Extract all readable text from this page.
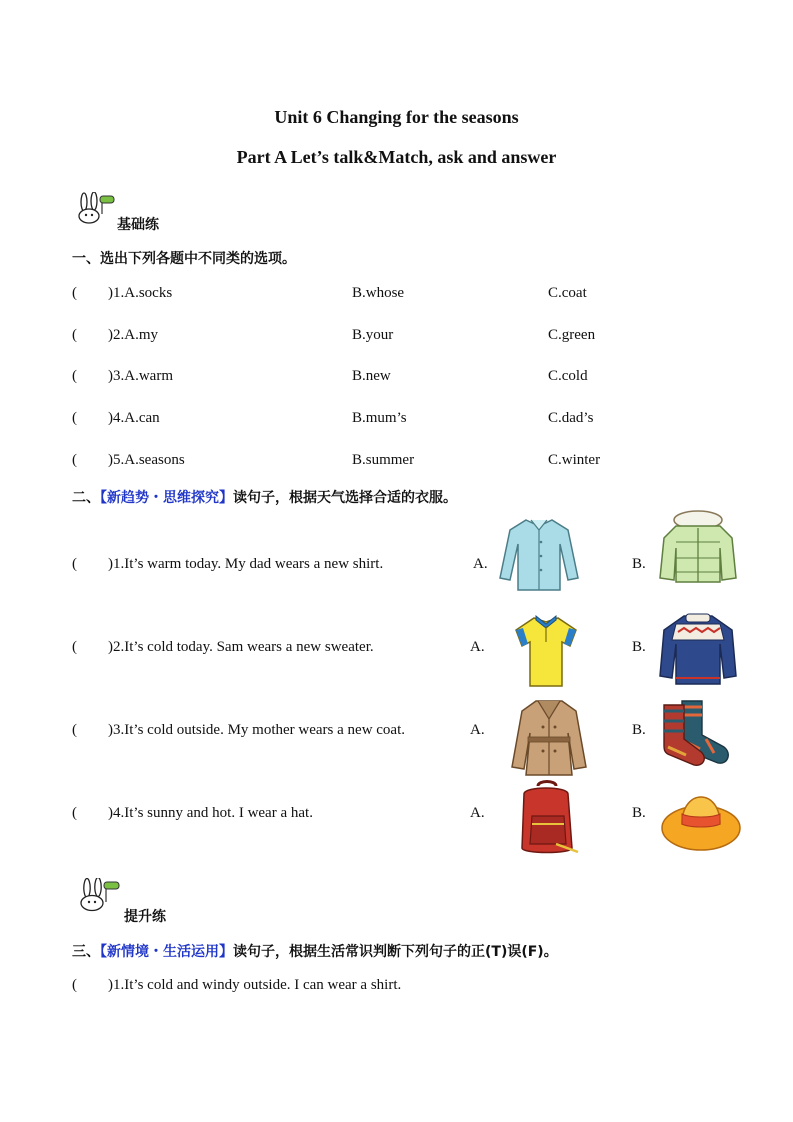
Unit 6 Changing for the seasons
Part A Let’s talk&Match, ask and answer
基础练
一、选出下列各题中不同类的选项。
( )1.A.socks	B.whose	C.coat
( )2.A.my	B.your	C.green
( )3.A.warm	B.new	C.cold
( )4.A.can	B.mum’s	C.dad’s
( )5.A.seasons	B.summer	C.winter
二、【新趋势・思维探究】读句子，根据天气选择合适的衣服。
( )1.It’s warm today. My dad wears a new shirt.	A.	B.
( )2.It’s cold today. Sam wears a new sweater.	A.	B.
( )3.It’s cold outside. My mother wears a new coat.	A.	B.
( )4.It’s sunny and hot. I wear a hat.	A.	B.
提升练
三、【新情境・生活运用】读句子，根据生活常识判断下列句子的正(T)误(F)。
( )1.It’s cold and windy outside. I can wear a shirt.
